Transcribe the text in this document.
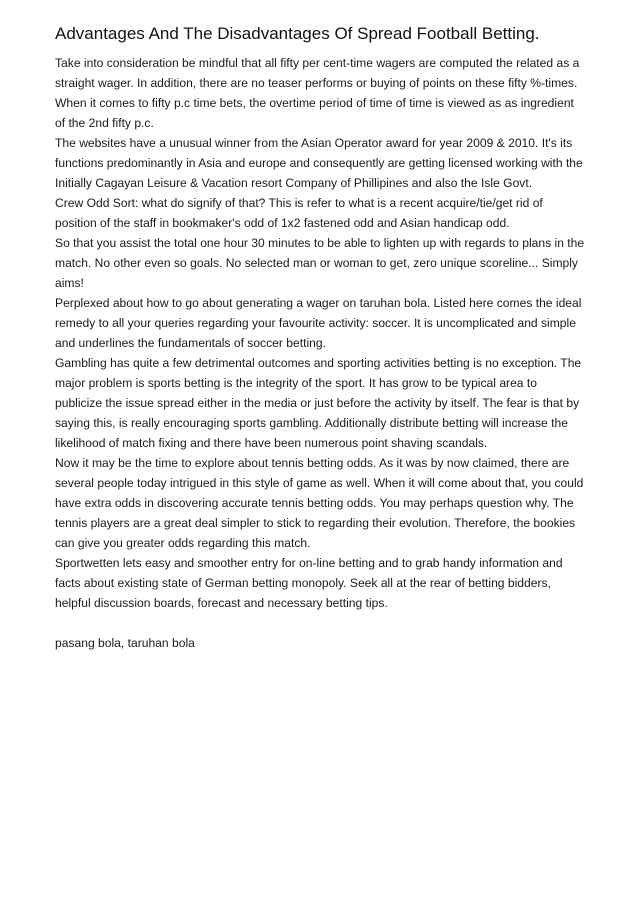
Advantages And The Disadvantages Of Spread Football Betting.

Take into consideration be mindful that all fifty per cent-time wagers are computed the related as a straight wager. In addition, there are no teaser performs or buying of points on these fifty %-times. When it comes to fifty p.c time bets, the overtime period of time of time is viewed as as ingredient of the 2nd fifty p.c.

The websites have a unusual winner from the Asian Operator award for year 2009 & 2010. It's its functions predominantly in Asia and europe and consequently are getting licensed working with the Initially Cagayan Leisure & Vacation resort Company of Phillipines and also the Isle Govt.

Crew Odd Sort: what do signify of that? This is refer to what is a recent acquire/tie/get rid of position of the staff in bookmaker's odd of 1x2 fastened odd and Asian handicap odd.

So that you assist the total one hour 30 minutes to be able to lighten up with regards to plans in the match. No other even so goals. No selected man or woman to get, zero unique scoreline... Simply aims!

Perplexed about how to go about generating a wager on taruhan bola. Listed here comes the ideal remedy to all your queries regarding your favourite activity: soccer. It is uncomplicated and simple and underlines the fundamentals of soccer betting.

Gambling has quite a few detrimental outcomes and sporting activities betting is no exception. The major problem is sports betting is the integrity of the sport. It has grow to be typical area to publicize the issue spread either in the media or just before the activity by itself. The fear is that by saying this, is really encouraging sports gambling. Additionally distribute betting will increase the likelihood of match fixing and there have been numerous point shaving scandals.

Now it may be the time to explore about tennis betting odds. As it was by now claimed, there are several people today intrigued in this style of game as well. When it will come about that, you could have extra odds in discovering accurate tennis betting odds. You may perhaps question why. The tennis players are a great deal simpler to stick to regarding their evolution. Therefore, the bookies can give you greater odds regarding this match.

Sportwetten lets easy and smoother entry for on-line betting and to grab handy information and facts about existing state of German betting monopoly. Seek all at the rear of betting bidders, helpful discussion boards, forecast and necessary betting tips.

pasang bola, taruhan bola
